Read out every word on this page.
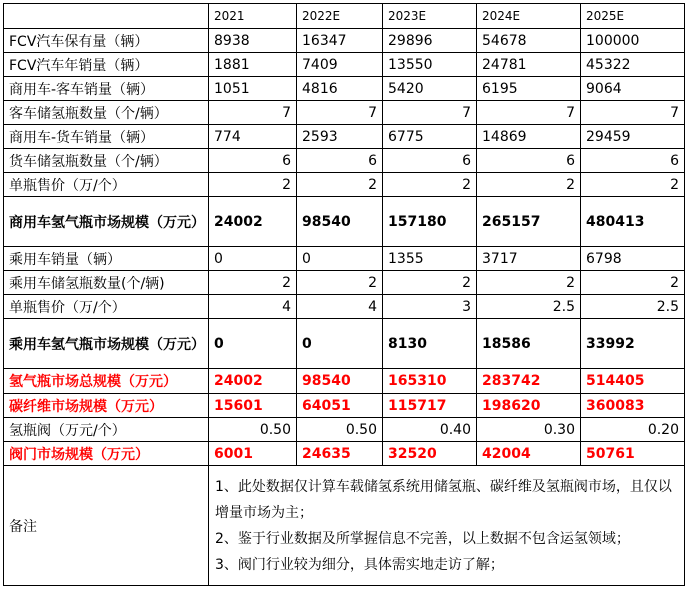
	2021	2022E	2023E	2024E	2025E
FCV汽车保有量（辆）	8938	16347	29896	54678	100000
FCV汽车年销量（辆）	1881	7409	13550	24781	45322
商用车-客车销量（辆）	1051	4816	5420	6195	9064
客车储氢瓶数量（个/辆）	7	7	7	7	7
商用车-货车销量（辆）	774	2593	6775	14869	29459
货车储氢瓶数量（个/辆）	6	6	6	6	6
单瓶售价（万/个）	2	2	2	2	2
商用车氢气瓶市场规模（万元）	24002	98540	157180	265157	480413
乘用车销量（辆）	0	0	1355	3717	6798
乘用车储氢瓶数量(个/辆)	2	2	2	2	2
单瓶售价（万/个）	4	4	3	2.5	2.5
乘用车氢气瓶市场规模（万元）	0	0	8130	18586	33992
氢气瓶市场总规模（万元）	24002	98540	165310	283742	514405
碳纤维市场规模（万元）	15601	64051	115717	198620	360083
氢瓶阀（万元/个）	0.50	0.50	0.40	0.30	0.20
阀门市场规模（万元）	6001	24635	32520	42004	50761
备注	1、此处数据仅计算车载储氢系统用储氢瓶、碳纤维及氢瓶阀市场，且仅以增量市场为主；
2、鉴于行业数据及所掌握信息不完善，以上数据不包含运氢领域；
3、阀门行业较为细分，具体需实地走访了解；				
